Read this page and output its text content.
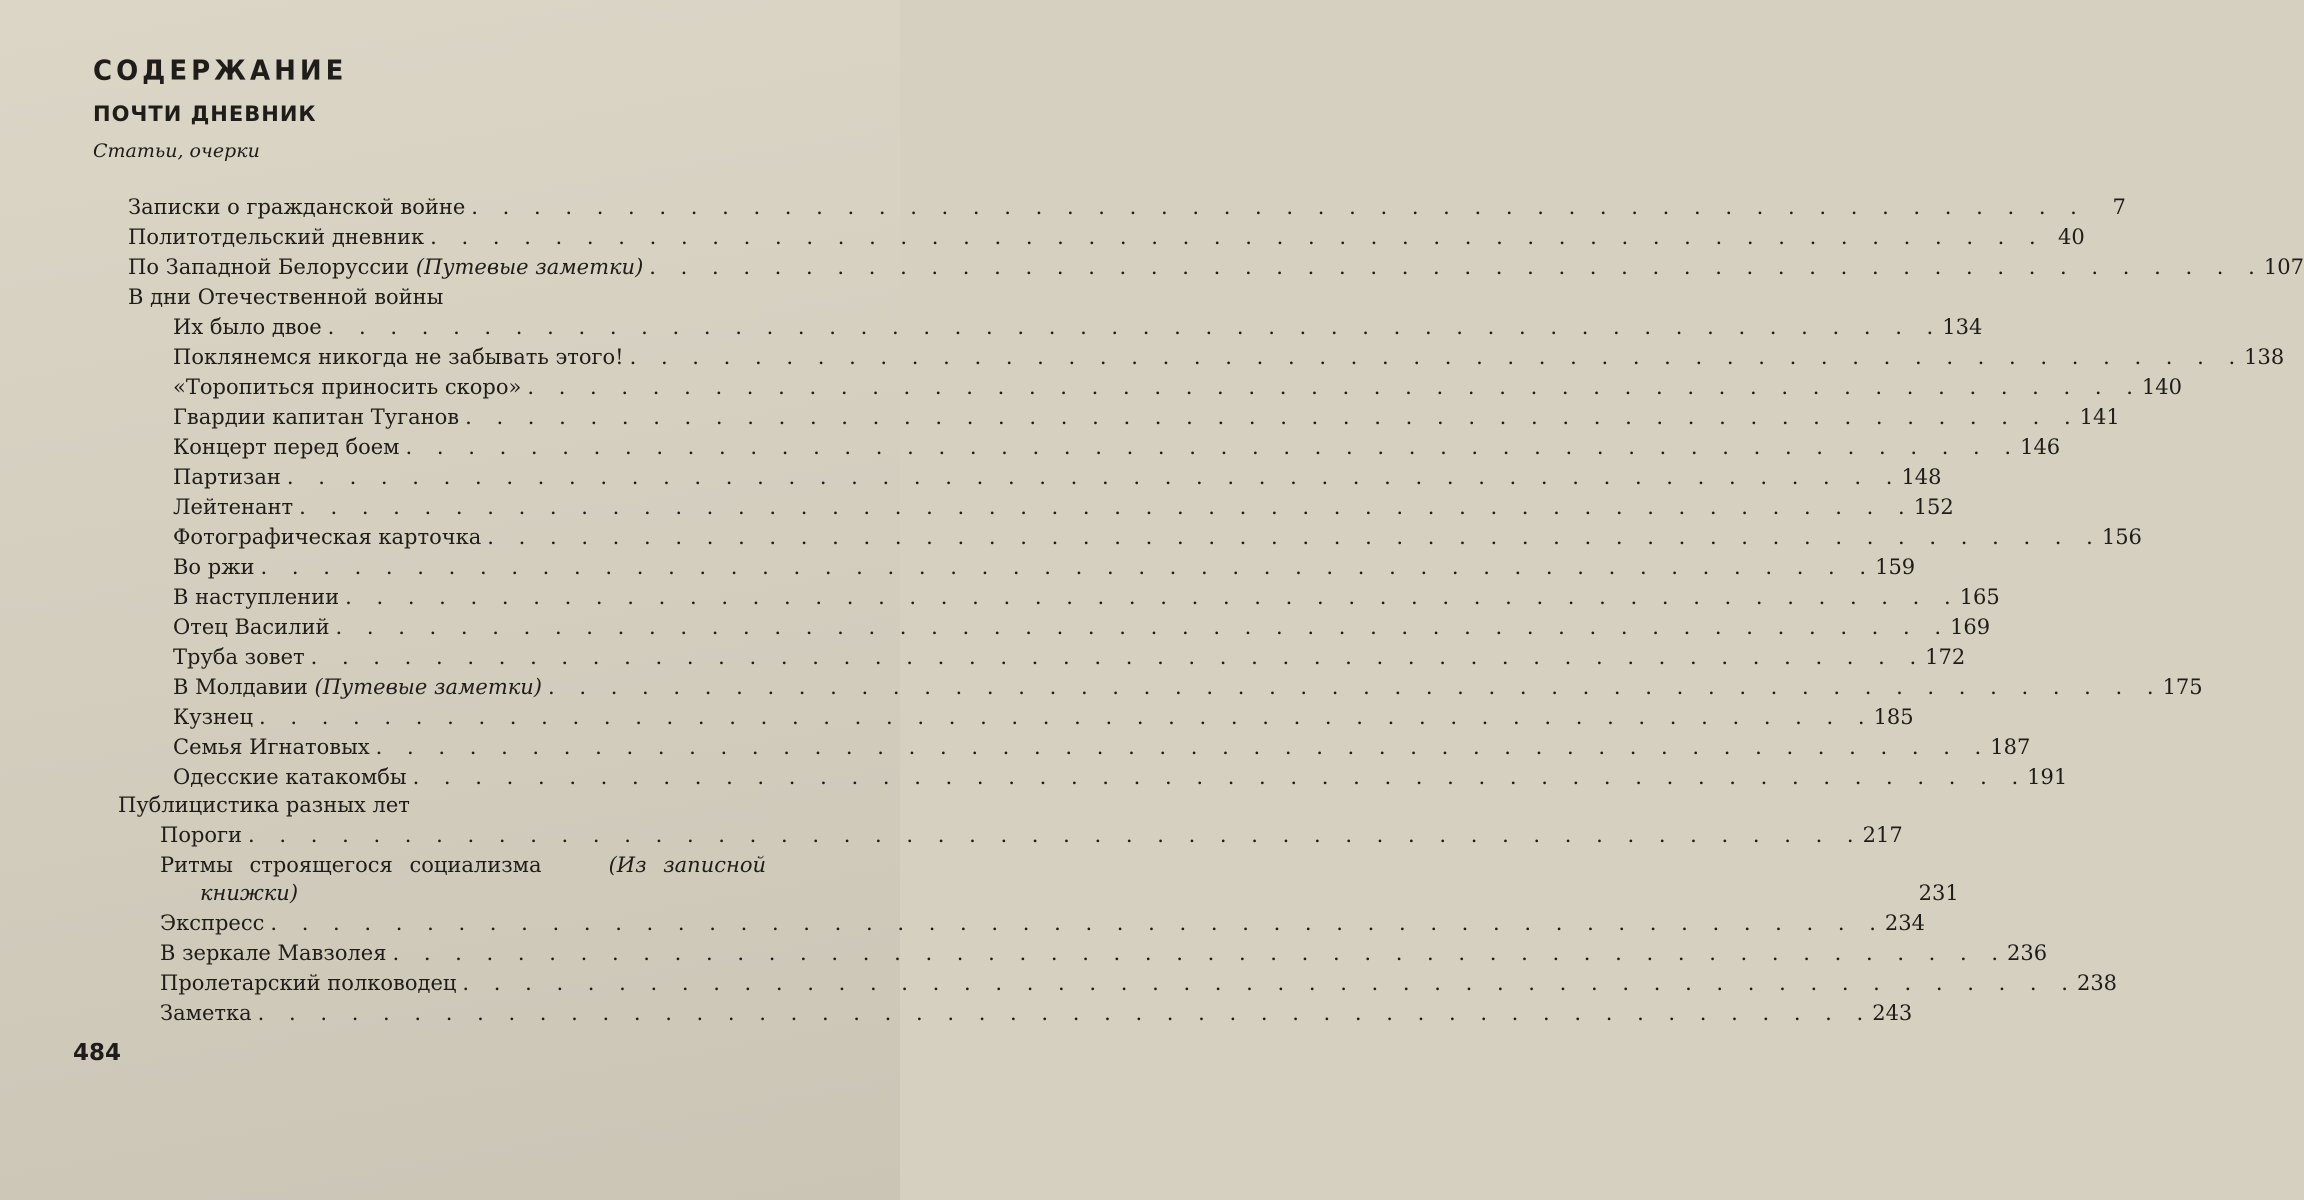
СОДЕРЖАНИЕ
ПОЧТИ ДНЕВНИК
Статьи, очерки
Записки о гражданской войне . . . . . . . . . . . . . . . . . . . . . . . . . . . . . . . . . . . . . . . . . . . . . . . . . . . .	7
Политотдельский дневник . . . . . . . . . . . . . . . . . . . . . . . . . . . . . . . . . . . . . . . . . . . . . . . . . . . . 40
По Западной Белоруссии (Путевые заметки) . . . . . . . . . . . . . . . . . . . . . . . . . . . . . . . . . . . . . . . . . . . . . . . . . . . . 107
В дни Отечественной войны
Их было двое . . . . . . . . . . . . . . . . . . . . . . . . . . . . . . . . . . . . . . . . . . . . . . . . . . . . 134
Поклянемся никогда не забывать этого! . . . . . . . . . . . . . . . . . . . . . . . . . . . . . . . . . . . . . . . . . . . . . . . . . . . . 138
«Торопиться приносить скоро» . . . . . . . . . . . . . . . . . . . . . . . . . . . . . . . . . . . . . . . . . . . . . . . . . . . . 140
Гвардии капитан Туганов . . . . . . . . . . . . . . . . . . . . . . . . . . . . . . . . . . . . . . . . . . . . . . . . . . . . 141
Концерт перед боем . . . . . . . . . . . . . . . . . . . . . . . . . . . . . . . . . . . . . . . . . . . . . . . . . . . . 146
Партизан . . . . . . . . . . . . . . . . . . . . . . . . . . . . . . . . . . . . . . . . . . . . . . . . . . . . 148
Лейтенант . . . . . . . . . . . . . . . . . . . . . . . . . . . . . . . . . . . . . . . . . . . . . . . . . . . . 152
Фотографическая карточка . . . . . . . . . . . . . . . . . . . . . . . . . . . . . . . . . . . . . . . . . . . . . . . . . . . . 156
Во ржи . . . . . . . . . . . . . . . . . . . . . . . . . . . . . . . . . . . . . . . . . . . . . . . . . . . . 159
В наступлении . . . . . . . . . . . . . . . . . . . . . . . . . . . . . . . . . . . . . . . . . . . . . . . . . . . . 165
Отец Василий . . . . . . . . . . . . . . . . . . . . . . . . . . . . . . . . . . . . . . . . . . . . . . . . . . . . 169
Труба зовет . . . . . . . . . . . . . . . . . . . . . . . . . . . . . . . . . . . . . . . . . . . . . . . . . . . . 172
В Молдавии (Путевые заметки) . . . . . . . . . . . . . . . . . . . . . . . . . . . . . . . . . . . . . . . . . . . . . . . . . . . . 175
Кузнец . . . . . . . . . . . . . . . . . . . . . . . . . . . . . . . . . . . . . . . . . . . . . . . . . . . . 185
Семья Игнатовых . . . . . . . . . . . . . . . . . . . . . . . . . . . . . . . . . . . . . . . . . . . . . . . . . . . . 187
Одесские катакомбы . . . . . . . . . . . . . . . . . . . . . . . . . . . . . . . . . . . . . . . . . . . . . . . . . . . . 191
Публицистика разных лет
Пороги . . . . . . . . . . . . . . . . . . . . . . . . . . . . . . . . . . . . . . . . . . . . . . . . . . . . 217
Ритмы строящегося социализма	(Из записной
книжки)	231
Экспресс . . . . . . . . . . . . . . . . . . . . . . . . . . . . . . . . . . . . . . . . . . . . . . . . . . . . 234
В зеркале Мавзолея . . . . . . . . . . . . . . . . . . . . . . . . . . . . . . . . . . . . . . . . . . . . . . . . . . . . 236
Пролетарский полководец . . . . . . . . . . . . . . . . . . . . . . . . . . . . . . . . . . . . . . . . . . . . . . . . . . . . 238
Заметка . . . . . . . . . . . . . . . . . . . . . . . . . . . . . . . . . . . . . . . . . . . . . . . . . . . . 243
484
